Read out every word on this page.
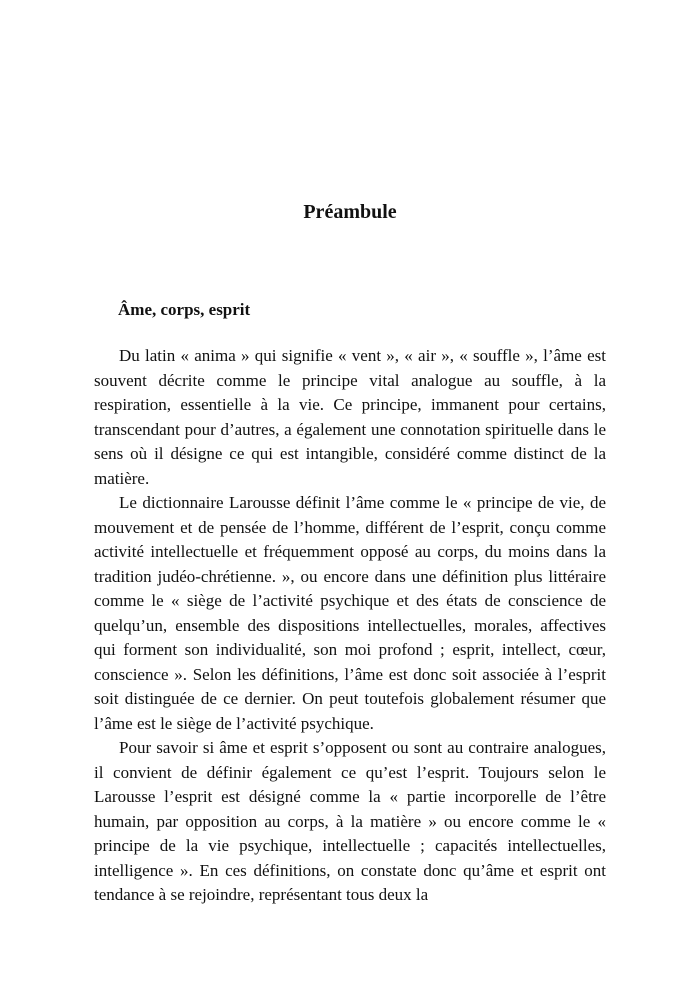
Préambule
Âme, corps, esprit

Du latin « anima » qui signifie « vent », « air », « souffle », l’âme est souvent décrite comme le principe vital analogue au souffle, à la respiration, essentielle à la vie. Ce principe, immanent pour certains, transcendant pour d’autres, a également une connotation spirituelle dans le sens où il désigne ce qui est intangible, considéré comme distinct de la matière.

Le dictionnaire Larousse définit l’âme comme le « principe de vie, de mouvement et de pensée de l’homme, différent de l’esprit, conçu comme activité intellectuelle et fréquemment opposé au corps, du moins dans la tradition judéo-chrétienne. », ou encore dans une définition plus littéraire comme le « siège de l’activité psychique et des états de conscience de quelqu’un, ensemble des dispositions intellectuelles, morales, affectives qui forment son individualité, son moi profond ; esprit, intellect, cœur, conscience ». Selon les définitions, l’âme est donc soit associée à l’esprit soit distinguée de ce dernier. On peut toutefois globalement résumer que l’âme est le siège de l’activité psychique.

Pour savoir si âme et esprit s’opposent ou sont au contraire analogues, il convient de définir également ce qu’est l’esprit. Toujours selon le Larousse l’esprit est désigné comme la « partie incorporelle de l’être humain, par opposition au corps, à la matière » ou encore comme le « principe de la vie psychique, intellectuelle ; capacités intellectuelles, intelligence ». En ces définitions, on constate donc qu’âme et esprit ont tendance à se rejoindre, représentant tous deux la
